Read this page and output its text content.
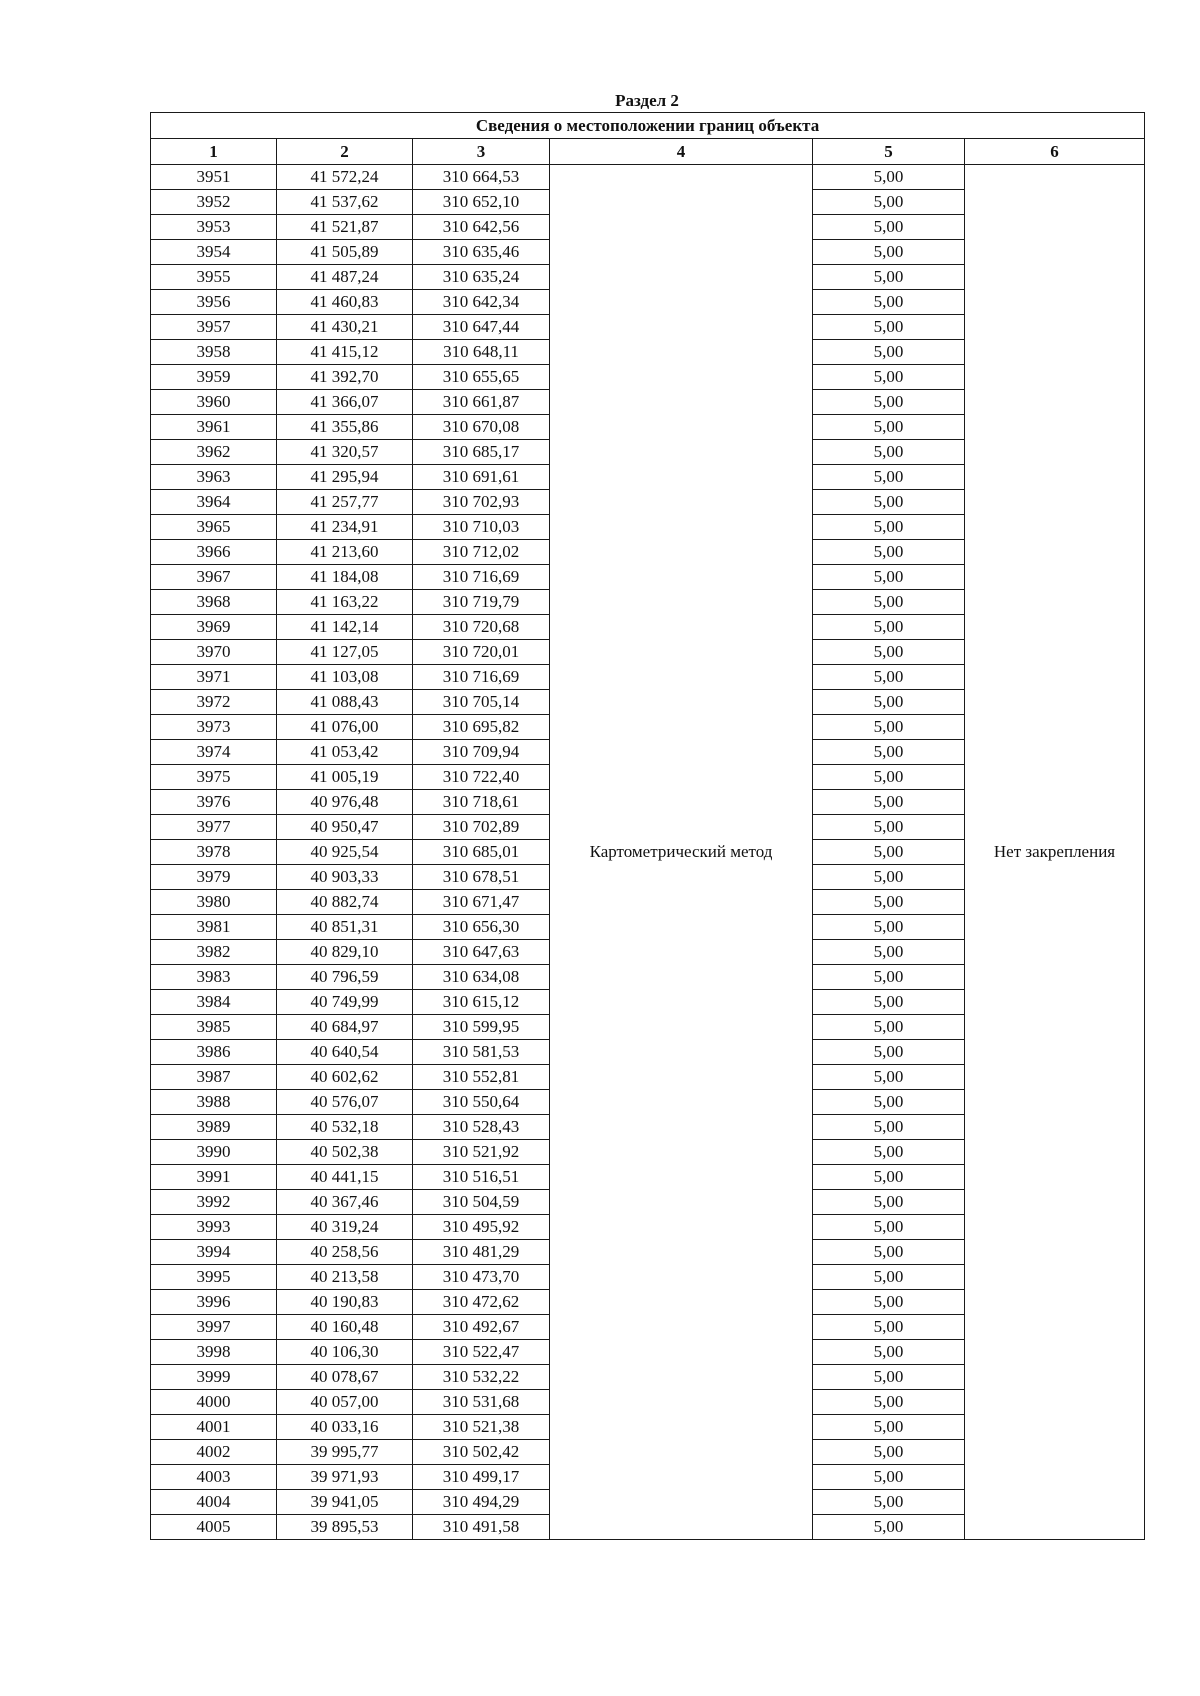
Раздел 2
Сведения о местоположении границ объекта					
1	2	3	4	5	6
3951	41 572,24	310 664,53	Картометрический метод	5,00	Нет закрепления
3952	41 537,62	310 652,10		5,00	
3953	41 521,87	310 642,56		5,00	
3954	41 505,89	310 635,46		5,00	
3955	41 487,24	310 635,24		5,00	
3956	41 460,83	310 642,34		5,00	
3957	41 430,21	310 647,44		5,00	
3958	41 415,12	310 648,11		5,00	
3959	41 392,70	310 655,65		5,00	
3960	41 366,07	310 661,87		5,00	
3961	41 355,86	310 670,08		5,00	
3962	41 320,57	310 685,17		5,00	
3963	41 295,94	310 691,61		5,00	
3964	41 257,77	310 702,93		5,00	
3965	41 234,91	310 710,03		5,00	
3966	41 213,60	310 712,02		5,00	
3967	41 184,08	310 716,69		5,00	
3968	41 163,22	310 719,79		5,00	
3969	41 142,14	310 720,68		5,00	
3970	41 127,05	310 720,01		5,00	
3971	41 103,08	310 716,69		5,00	
3972	41 088,43	310 705,14		5,00	
3973	41 076,00	310 695,82		5,00	
3974	41 053,42	310 709,94		5,00	
3975	41 005,19	310 722,40		5,00	
3976	40 976,48	310 718,61		5,00	
3977	40 950,47	310 702,89		5,00	
3978	40 925,54	310 685,01		5,00	
3979	40 903,33	310 678,51		5,00	
3980	40 882,74	310 671,47		5,00	
3981	40 851,31	310 656,30		5,00	
3982	40 829,10	310 647,63		5,00	
3983	40 796,59	310 634,08		5,00	
3984	40 749,99	310 615,12		5,00	
3985	40 684,97	310 599,95		5,00	
3986	40 640,54	310 581,53		5,00	
3987	40 602,62	310 552,81		5,00	
3988	40 576,07	310 550,64		5,00	
3989	40 532,18	310 528,43		5,00	
3990	40 502,38	310 521,92		5,00	
3991	40 441,15	310 516,51		5,00	
3992	40 367,46	310 504,59		5,00	
3993	40 319,24	310 495,92		5,00	
3994	40 258,56	310 481,29		5,00	
3995	40 213,58	310 473,70		5,00	
3996	40 190,83	310 472,62		5,00	
3997	40 160,48	310 492,67		5,00	
3998	40 106,30	310 522,47		5,00	
3999	40 078,67	310 532,22		5,00	
4000	40 057,00	310 531,68		5,00	
4001	40 033,16	310 521,38		5,00	
4002	39 995,77	310 502,42		5,00	
4003	39 971,93	310 499,17		5,00	
4004	39 941,05	310 494,29		5,00	
4005	39 895,53	310 491,58		5,00	
